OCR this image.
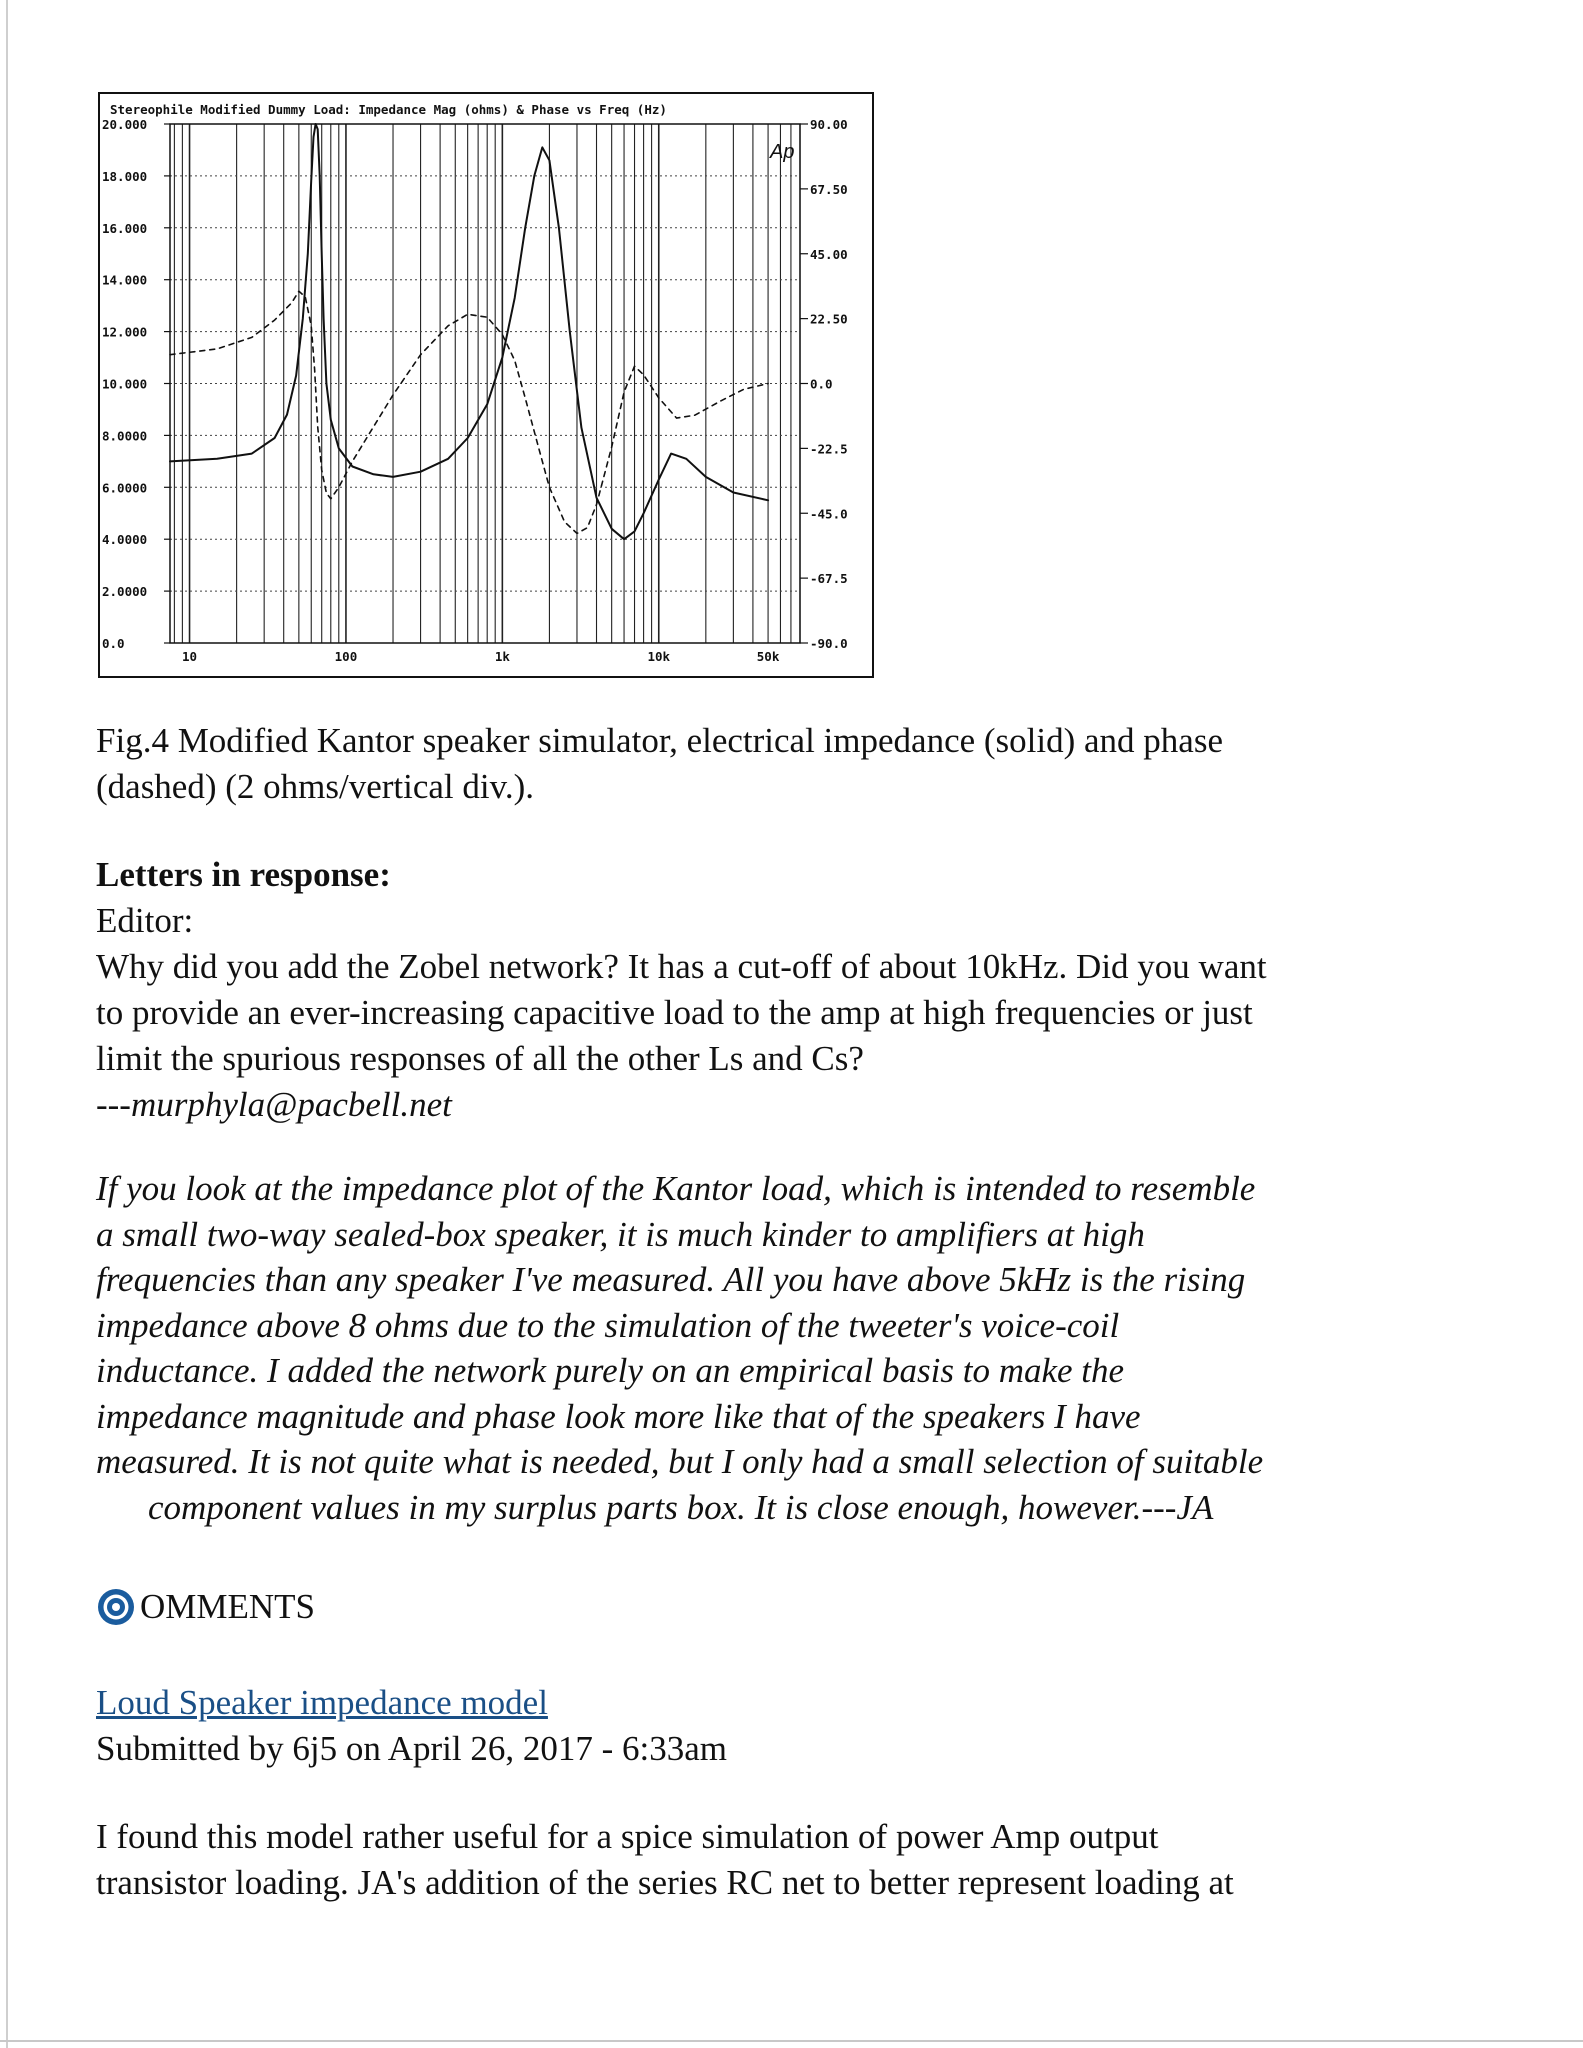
Stereophile Modified Dummy Load: Impedance Mag (ohms) & Phase vs Freq (Hz)
20.000
18.000
16.000
14.000
12.000
10.000
8.0000
6.0000
4.0000
2.0000
0.0
90.00
67.50
45.00
22.50
0.0
-22.5
-45.0
-67.5
-90.0
10	100	1k	10k	50k
Ap
Fig.4 Modified Kantor speaker simulator, electrical impedance (solid) and phase
(dashed) (2 ohms/vertical div.).
Letters in response:
Editor:
Why did you add the Zobel network? It has a cut-off of about 10kHz. Did you want
to provide an ever-increasing capacitive load to the amp at high frequencies or just
limit the spurious responses of all the other Ls and Cs?
---murphyla@pacbell.net
If you look at the impedance plot of the Kantor load, which is intended to resemble
a small two-way sealed-box speaker, it is much kinder to amplifiers at high
frequencies than any speaker I've measured. All you have above 5kHz is the rising
impedance above 8 ohms due to the simulation of the tweeter's voice-coil
inductance. I added the network purely on an empirical basis to make the
impedance magnitude and phase look more like that of the speakers I have
measured. It is not quite what is needed, but I only had a small selection of suitable
component values in my surplus parts box. It is close enough, however.---JA
OMMENTS
Loud Speaker impedance model
Submitted by 6j5 on April 26, 2017 - 6:33am
I found this model rather useful for a spice simulation of power Amp output
transistor loading. JA's addition of the series RC net to better represent loading at
